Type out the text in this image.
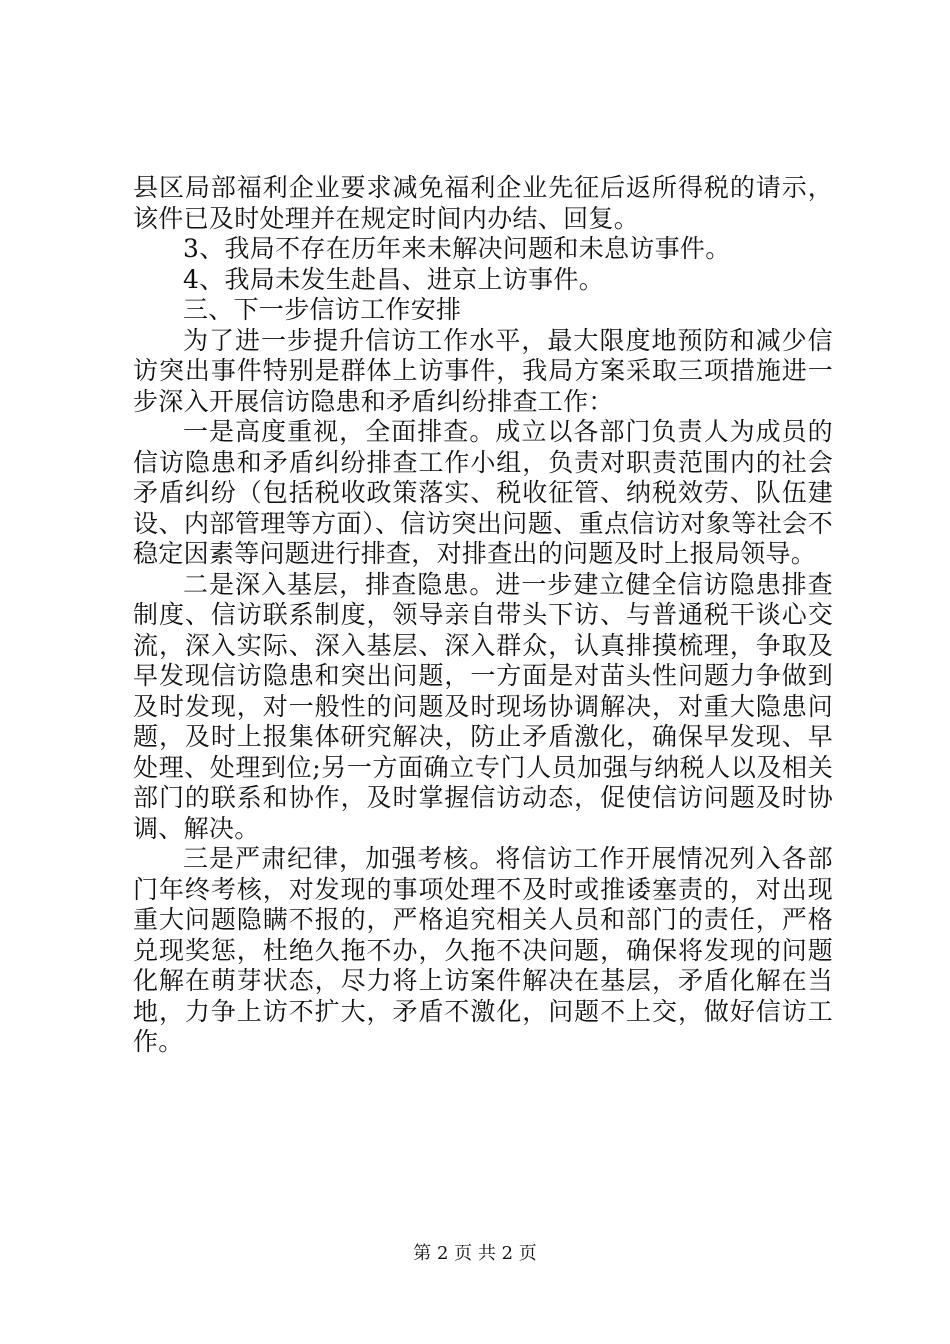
县区局部福利企业要求减免福利企业先征后返所得税的请示，该件已及时处理并在规定时间内办结、回复。

3、我局不存在历年来未解决问题和未息访事件。

4、我局未发生赴昌、进京上访事件。

三、下一步信访工作安排

为了进一步提升信访工作水平，最大限度地预防和减少信访突出事件特别是群体上访事件，我局方案采取三项措施进一步深入开展信访隐患和矛盾纠纷排查工作：

一是高度重视，全面排查。成立以各部门负责人为成员的信访隐患和矛盾纠纷排查工作小组，负责对职责范围内的社会矛盾纠纷（包括税收政策落实、税收征管、纳税效劳、队伍建设、内部管理等方面）、信访突出问题、重点信访对象等社会不稳定因素等问题进行排查，对排查出的问题及时上报局领导。

二是深入基层，排查隐患。进一步建立健全信访隐患排查制度、信访联系制度，领导亲自带头下访、与普通税干谈心交流，深入实际、深入基层、深入群众，认真排摸梳理，争取及早发现信访隐患和突出问题，一方面是对苗头性问题力争做到及时发现，对一般性的问题及时现场协调解决，对重大隐患问题，及时上报集体研究解决，防止矛盾激化，确保早发现、早处理、处理到位;另一方面确立专门人员加强与纳税人以及相关部门的联系和协作，及时掌握信访动态，促使信访问题及时协调、解决。

三是严肃纪律，加强考核。将信访工作开展情况列入各部门年终考核，对发现的事项处理不及时或推诿塞责的，对出现重大问题隐瞒不报的，严格追究相关人员和部门的责任，严格兑现奖惩，杜绝久拖不办，久拖不决问题，确保将发现的问题化解在萌芽状态，尽力将上访案件解决在基层，矛盾化解在当地，力争上访不扩大，矛盾不激化，问题不上交，做好信访工作。

第 2 页 共 2 页
